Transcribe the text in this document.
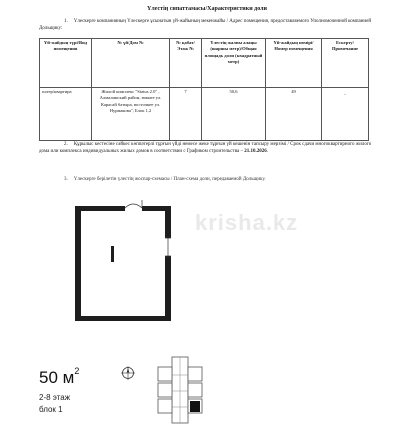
Үлестің сипаттамасы/Характеристики доли
1. Үлескерге компанияның Үлескерге ұсынатын үй-жайының мекенжайы / Адрес помещения, предоставляемого Уполномоченной компанией Дольщику:
Үй-жайдың түрі/Вид помещения	№ үй/Дом №	№ қабат/Этаж №	Үлестің жалпы алаңы (шаршы метр)/Общая площадь доли (квадратный метр)	Үй-жайдың нөмірі/Номер помещения	Ескерту/Примечание
пәтер/квартира	Жилой комплекс "Status 2.0" , Алмалинский район, южнее ул. Карасай батыра, восточнее ул. Нурмакова", Блок 1,2	7	50,6	49	–
2. Құрылыс кестесіне сәйкес көппәтерлі тұрғын үйді немесе жеке тұрғын үй кешенін тапсыру мерзімі / Срок сдачи многоквартирного жилого дома или комплекса индивидуальных жилых домов в соответствии с Графиком строительства – 21.10.2026.
3. Үлескерге берілетін үлестің жоспар-схемасы / План-схема доли, передаваемой Дольщику.
krisha.kz
50 $м^2$
2-8 этаж
блок 1
